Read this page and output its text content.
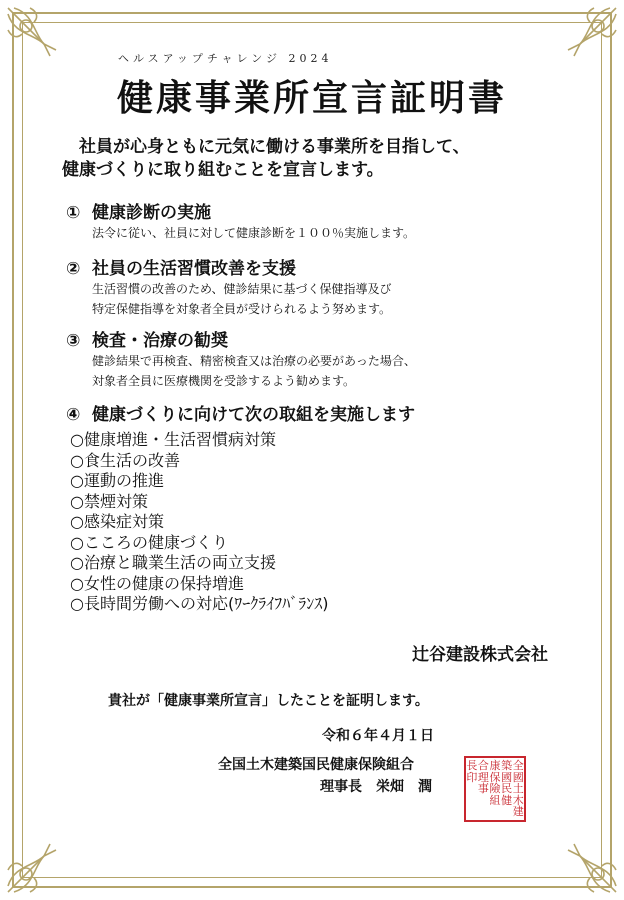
ヘルスアップチャレンジ 2024
健康事業所宣言証明書
　社員が心身ともに元気に働ける事業所を目指して、
健康づくりに取り組むことを宣言します。
① 健康診断の実施
法令に従い、社員に対して健康診断を１００％実施します。
② 社員の生活習慣改善を支援
生活習慣の改善のため、健診結果に基づく保健指導及び
特定保健指導を対象者全員が受けられるよう努めます。
③ 検査・治療の勧奨
健診結果で再検査、精密検査又は治療の必要があった場合、
対象者全員に医療機関を受診するよう勧めます。
④ 健康づくりに向けて次の取組を実施します
○健康増進・生活習慣病対策
○食生活の改善
○運動の推進
○禁煙対策
○感染症対策
○こころの健康づくり
○治療と職業生活の両立支援
○女性の健康の保持増進
○長時間労働への対応(ﾜｰｸﾗｲﾌﾊﾞﾗﾝｽ)
辻谷建設株式会社
貴社が「健康事業所宣言」したことを証明します。
令和６年４月１日
全国土木建築国民健康保険組合
理事長　栄畑　潤
全
國
土
木
建
築
國
民
健
康
保
險
組
合
理
事
長
印
